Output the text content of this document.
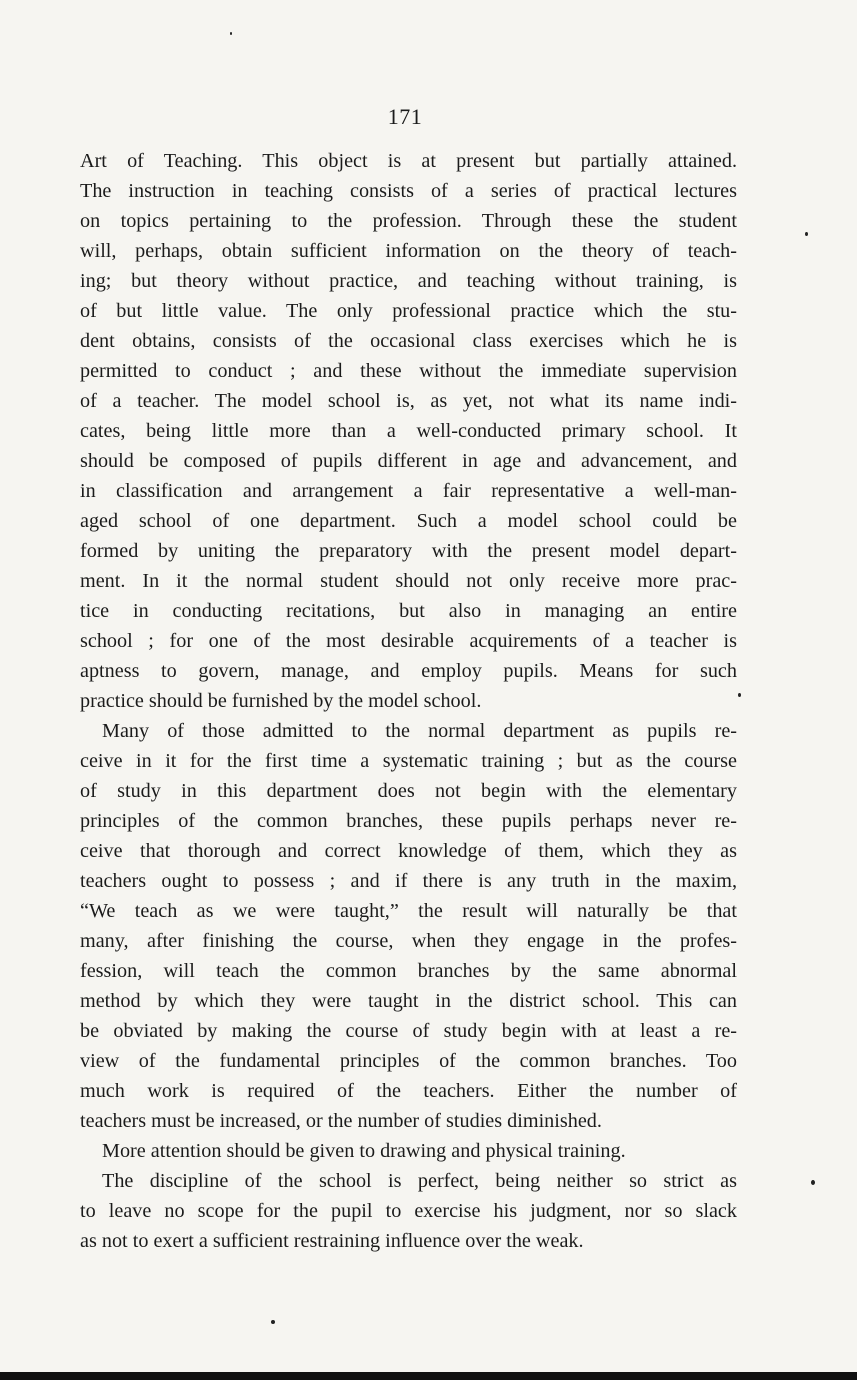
171
Art of Teaching. This object is at present but partially attained.
The instruction in teaching consists of a series of practical lectures
on topics pertaining to the profession. Through these the student
will, perhaps, obtain sufficient information on the theory of teach-
ing; but theory without practice, and teaching without training, is
of but little value. The only professional practice which the stu-
dent obtains, consists of the occasional class exercises which he is
permitted to conduct ; and these without the immediate supervision
of a teacher. The model school is, as yet, not what its name indi-
cates, being little more than a well-conducted primary school. It
should be composed of pupils different in age and advancement, and
in classification and arrangement a fair representative a well-man-
aged school of one department. Such a model school could be
formed by uniting the preparatory with the present model depart-
ment. In it the normal student should not only receive more prac-
tice in conducting recitations, but also in managing an entire
school ; for one of the most desirable acquirements of a teacher is
aptness to govern, manage, and employ pupils. Means for such
practice should be furnished by the model school.
Many of those admitted to the normal department as pupils re-
ceive in it for the first time a systematic training ; but as the course
of study in this department does not begin with the elementary
principles of the common branches, these pupils perhaps never re-
ceive that thorough and correct knowledge of them, which they as
teachers ought to possess ; and if there is any truth in the maxim,
“We teach as we were taught,” the result will naturally be that
many, after finishing the course, when they engage in the profes-
fession, will teach the common branches by the same abnormal
method by which they were taught in the district school. This can
be obviated by making the course of study begin with at least a re-
view of the fundamental principles of the common branches. Too
much work is required of the teachers. Either the number of
teachers must be increased, or the number of studies diminished.
More attention should be given to drawing and physical training.
The discipline of the school is perfect, being neither so strict as
to leave no scope for the pupil to exercise his judgment, nor so slack
as not to exert a sufficient restraining influence over the weak.
